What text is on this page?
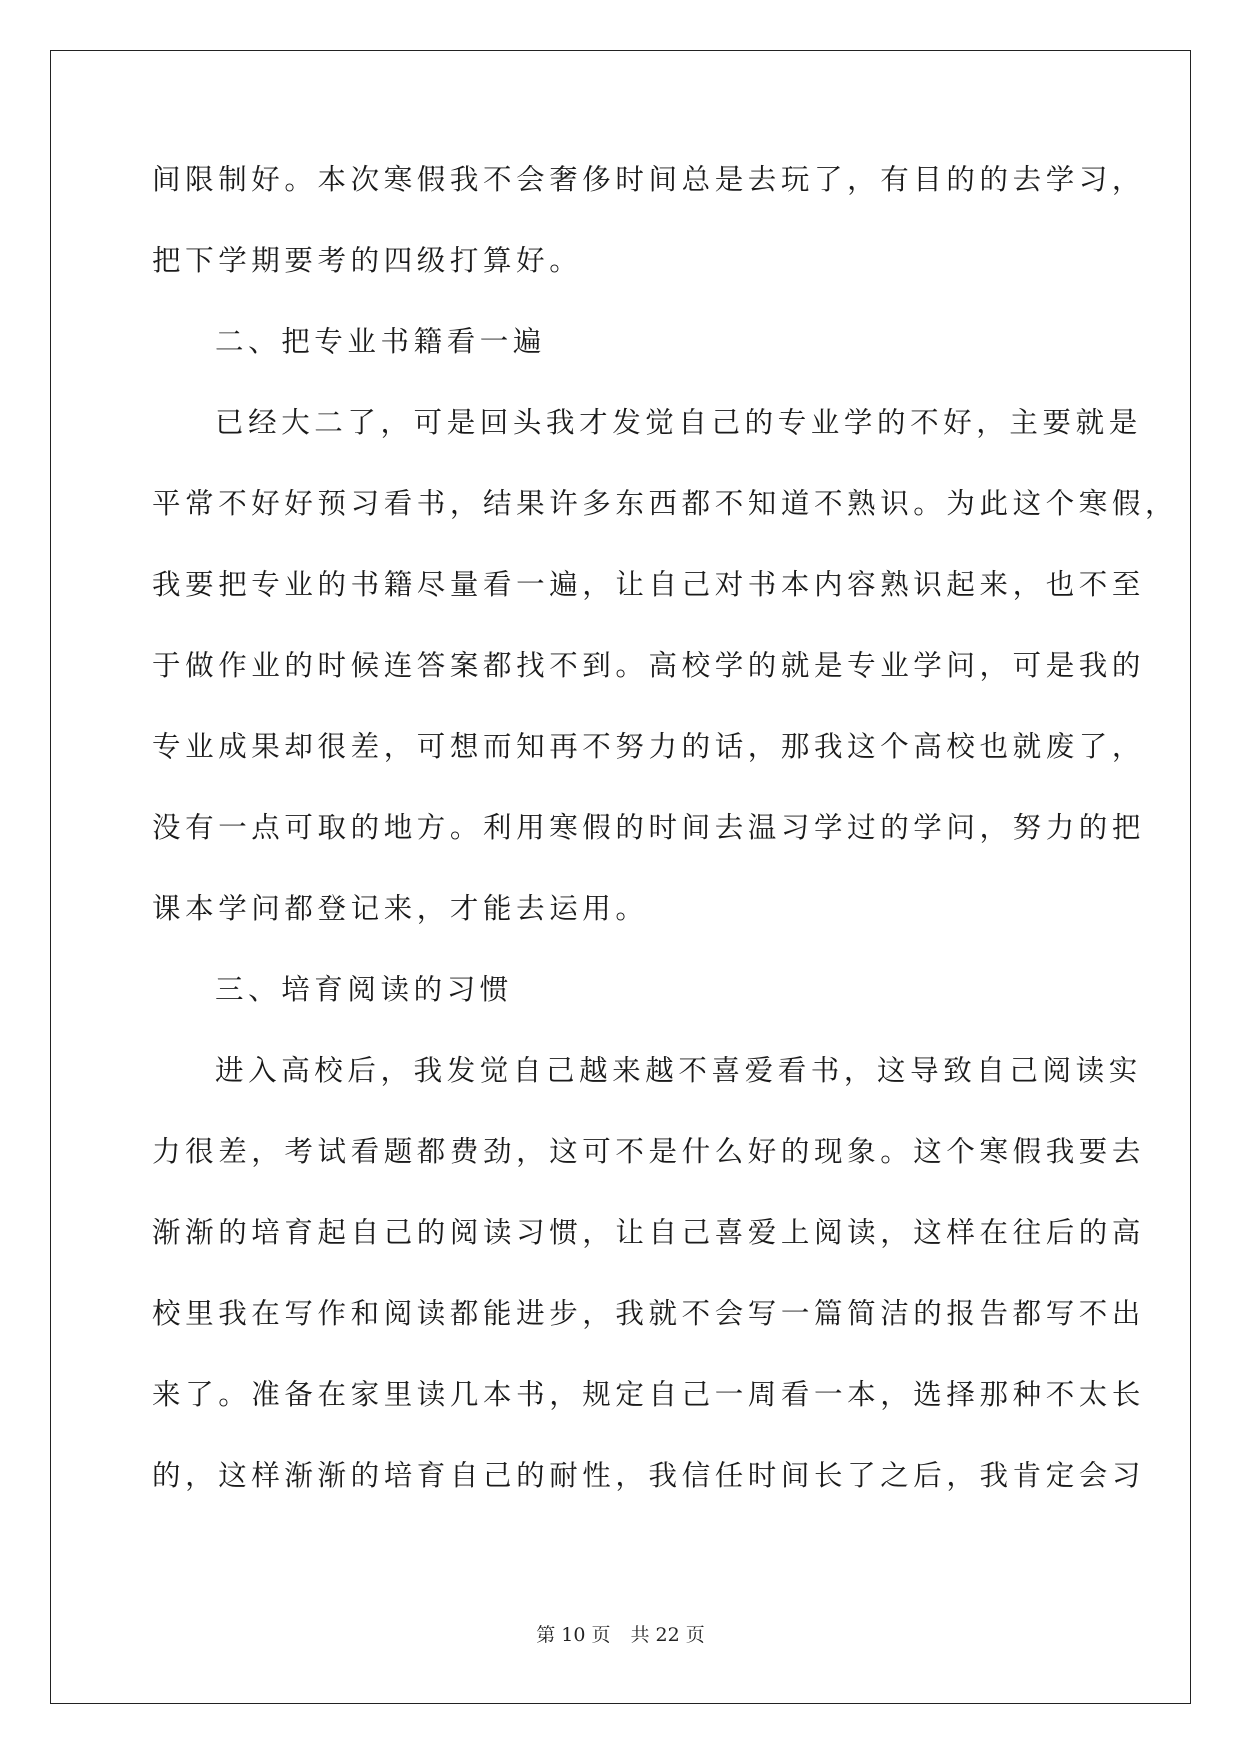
间限制好。本次寒假我不会奢侈时间总是去玩了，有目的的去学习，
把下学期要考的四级打算好。
二、把专业书籍看一遍
已经大二了，可是回头我才发觉自己的专业学的不好，主要就是
平常不好好预习看书，结果许多东西都不知道不熟识。为此这个寒假，
我要把专业的书籍尽量看一遍，让自己对书本内容熟识起来，也不至
于做作业的时候连答案都找不到。高校学的就是专业学问，可是我的
专业成果却很差，可想而知再不努力的话，那我这个高校也就废了，
没有一点可取的地方。利用寒假的时间去温习学过的学问，努力的把
课本学问都登记来，才能去运用。
三、培育阅读的习惯
进入高校后，我发觉自己越来越不喜爱看书，这导致自己阅读实
力很差，考试看题都费劲，这可不是什么好的现象。这个寒假我要去
渐渐的培育起自己的阅读习惯，让自己喜爱上阅读，这样在往后的高
校里我在写作和阅读都能进步，我就不会写一篇简洁的报告都写不出
来了。准备在家里读几本书，规定自己一周看一本，选择那种不太长
的，这样渐渐的培育自己的耐性，我信任时间长了之后，我肯定会习
第 10 页 共 22 页
